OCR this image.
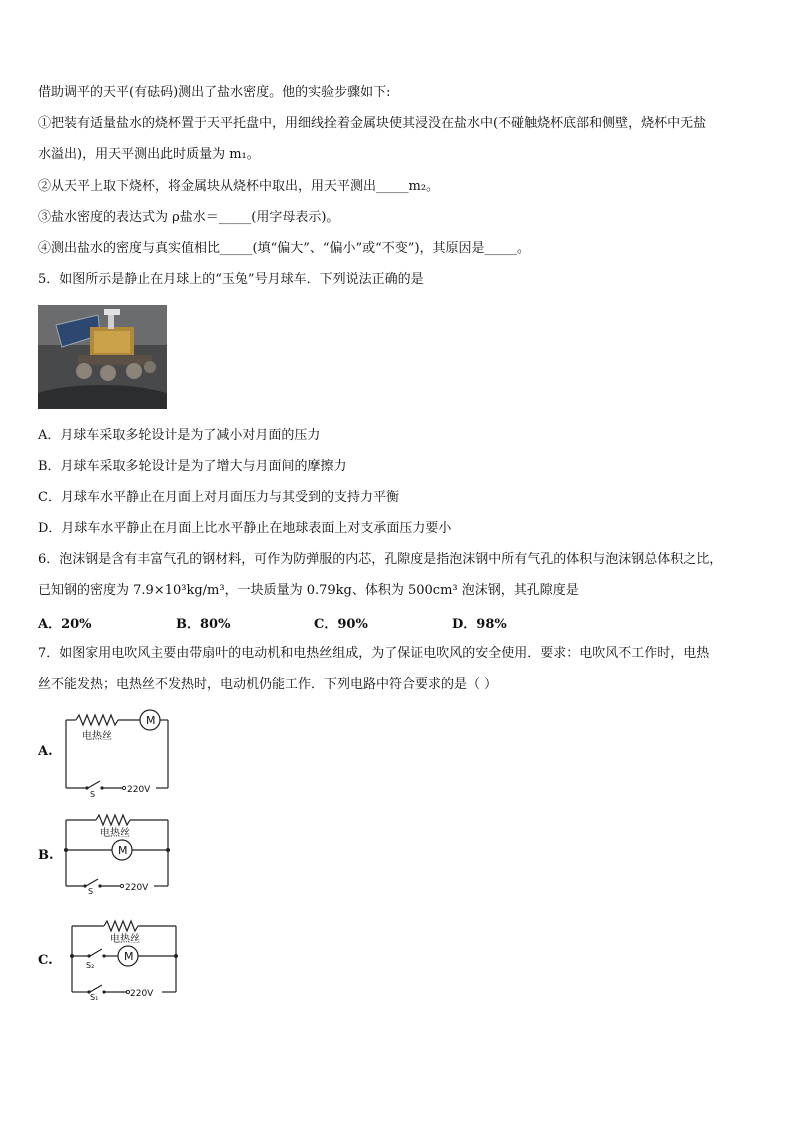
借助调平的天平(有砝码)测出了盐水密度。他的实验步骤如下:
①把装有适量盐水的烧杯置于天平托盘中，用细线拴着金属块使其浸没在盐水中(不碰触烧杯底部和侧壁，烧杯中无盐
水溢出)，用天平测出此时质量为 m₁。
②从天平上取下烧杯，将金属块从烧杯中取出，用天平测出_____m₂。
③盐水密度的表达式为 ρ盐水＝_____(用字母表示)。
④测出盐水的密度与真实值相比_____(填“偏大”、“偏小”或“不变”)，其原因是_____。
5．如图所示是静止在月球上的“玉兔”号月球车．下列说法正确的是
A．月球车采取多轮设计是为了减小对月面的压力
B．月球车采取多轮设计是为了增大与月面间的摩擦力
C．月球车水平静止在月面上对月面压力与其受到的支持力平衡
D．月球车水平静止在月面上比水平静止在地球表面上对支承面压力要小
6．泡沫钢是含有丰富气孔的钢材料，可作为防弹服的内芯，孔隙度是指泡沫钢中所有气孔的体积与泡沫钢总体积之比，
已知钢的密度为 7.9×10³kg/m³，一块质量为 0.79kg、体积为 500cm³ 泡沫钢，其孔隙度是
A．20%	B．80%	C．90%	D．98%
7．如图家用电吹风主要由带扇叶的电动机和电热丝组成，为了保证电吹风的安全使用．要求：电吹风不工作时，电热
丝不能发热；电热丝不发热时，电动机仍能工作．下列电路中符合要求的是（ ）
A.
M
电热丝
S	220V
B.	M
电热丝
S	220V
C.	M
电热丝
S₂
S₁	220V
